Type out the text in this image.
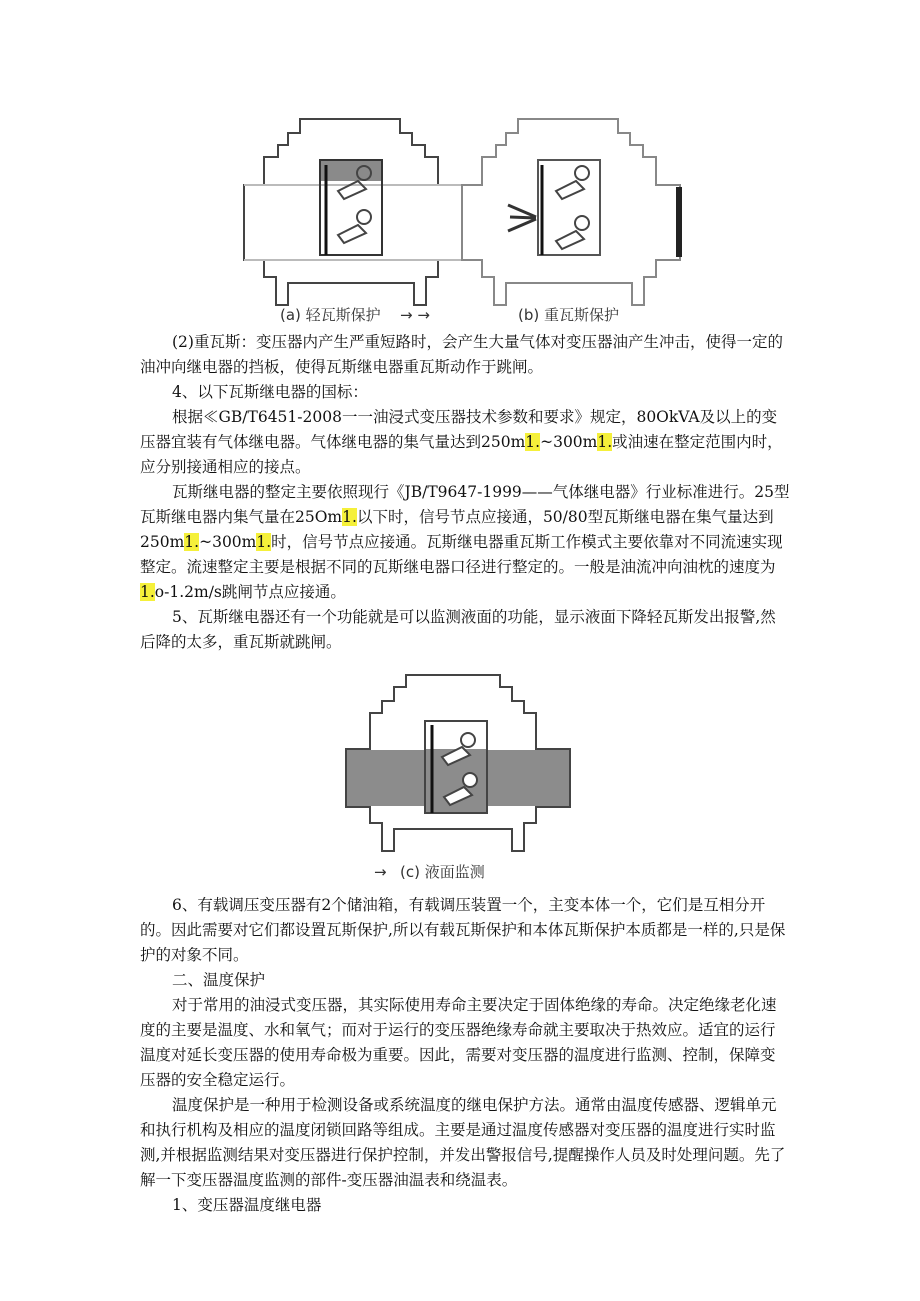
(a) 轻瓦斯保护 → →	(b) 重瓦斯保护

(2)重瓦斯：变压器内产生严重短路时，会产生大量气体对变压器油产生冲击，使得一定的油冲向继电器的挡板，使得瓦斯继电器重瓦斯动作于跳闸。

4、以下瓦斯继电器的国标：

根据≪GB∕T6451-2008一一油浸式变压器技术参数和要求》规定，80OkVA及以上的变压器宜装有气体继电器。气体继电器的集气量达到250m1.~300m1.或油速在整定范围内时，应分别接通相应的接点。

瓦斯继电器的整定主要依照现行《JB/T9647-1999——气体继电器》行业标准进行。25型瓦斯继电器内集气量在25Om1.以下时，信号节点应接通，50/80型瓦斯继电器在集气量达到250m1.~300m1.时，信号节点应接通。瓦斯继电器重瓦斯工作模式主要依靠对不同流速实现整定。流速整定主要是根据不同的瓦斯继电器口径进行整定的。一般是油流冲向油枕的速度为1.o-1.2m∕s跳闸节点应接通。

5、瓦斯继电器还有一个功能就是可以监测液面的功能，显示液面下降轻瓦斯发出报警,然后降的太多，重瓦斯就跳闸。

→ (c) 液面监测

6、有载调压变压器有2个储油箱，有载调压装置一个，主变本体一个，它们是互相分开的。因此需要对它们都设置瓦斯保护,所以有载瓦斯保护和本体瓦斯保护本质都是一样的,只是保护的对象不同。

二、温度保护

对于常用的油浸式变压器，其实际使用寿命主要决定于固体绝缘的寿命。决定绝缘老化速度的主要是温度、水和氧气；而对于运行的变压器绝缘寿命就主要取决于热效应。适宜的运行温度对延长变压器的使用寿命极为重要。因此，需要对变压器的温度进行监测、控制，保障变压器的安全稳定运行。

温度保护是一种用于检测设备或系统温度的继电保护方法。通常由温度传感器、逻辑单元和执行机构及相应的温度闭锁回路等组成。主要是通过温度传感器对变压器的温度进行实时监测,并根据监测结果对变压器进行保护控制，并发出警报信号,提醒操作人员及时处理问题。先了解一下变压器温度监测的部件-变压器油温表和绕温表。

1、变压器温度继电器
